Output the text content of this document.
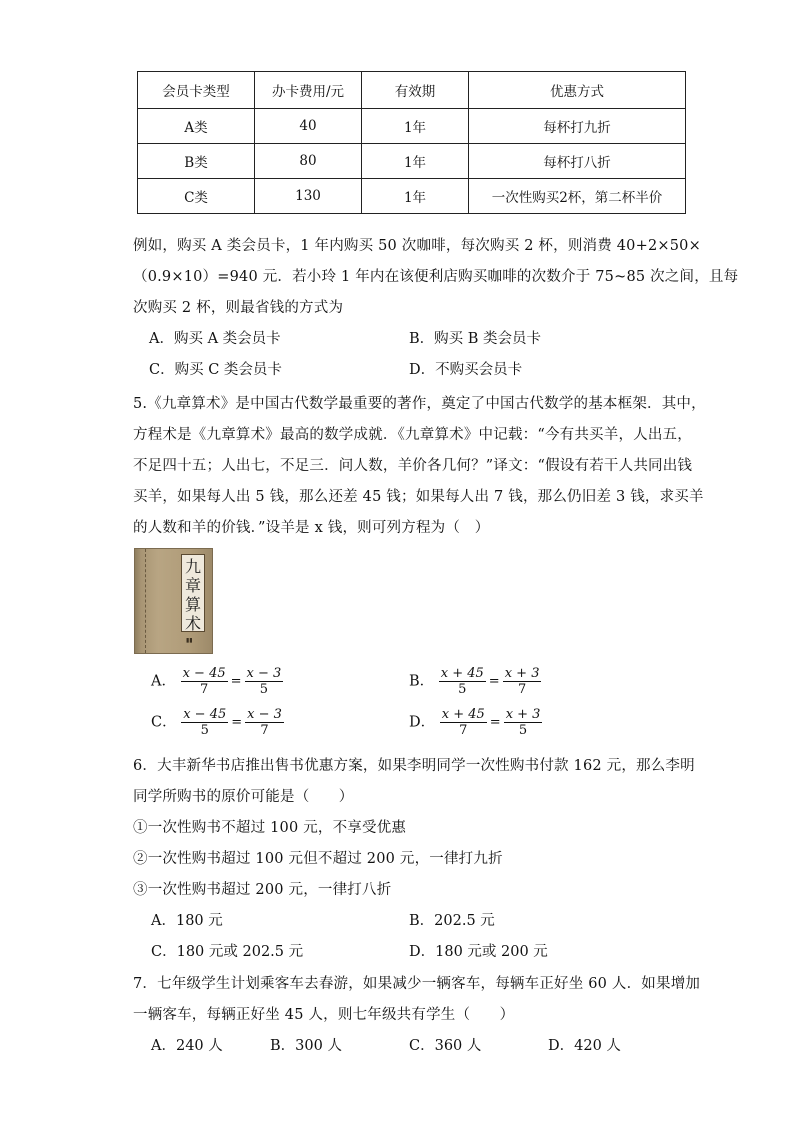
会员卡类型	办卡费用/元	有效期	优惠方式
A类	40	1年	每杯打九折
B类	80	1年	每杯打八折
C类	130	1年	一次性购买2杯，第二杯半价
例如，购买 A 类会员卡，1 年内购买 50 次咖啡，每次购买 2 杯，则消费 40+2×50×
（0.9×10）=940 元．若小玲 1 年内在该便利店购买咖啡的次数介于 75~85 次之间，且每
次购买 2 杯，则最省钱的方式为
A．购买 A 类会员卡	B．购买 B 类会员卡
C．购买 C 类会员卡	D．不购买会员卡
5.《九章算术》是中国古代数学最重要的著作，奠定了中国古代数学的基本框架．其中，
方程术是《九章算术》最高的数学成就．《九章算术》中记载：“今有共买羊，人出五，
不足四十五；人出七，不足三．问人数，羊价各几何？”译文：“假设有若干人共同出钱
买羊，如果每人出 5 钱，那么还差 45 钱；如果每人出 7 钱，那么仍旧差 3 钱，求买羊
的人数和羊的价钱．”设羊是 x 钱，则可列方程为（　）
九
章
算
术
▮▮
A． $\frac{x - 45}{7} = \frac{x - 3}{5}$	B． $\frac{x + 45}{5} = \frac{x + 3}{7}$
C． $\frac{x - 45}{5} = \frac{x - 3}{7}$	D． $\frac{x + 45}{7} = \frac{x + 3}{5}$
6．大丰新华书店推出售书优惠方案，如果李明同学一次性购书付款 162 元，那么李明
同学所购书的原价可能是（　　）
①一次性购书不超过 100 元，不享受优惠
②一次性购书超过 100 元但不超过 200 元，一律打九折
③一次性购书超过 200 元，一律打八折
A．180 元	B．202.5 元
C．180 元或 202.5 元	D．180 元或 200 元
7．七年级学生计划乘客车去春游，如果减少一辆客车，每辆车正好坐 60 人．如果增加
一辆客车，每辆正好坐 45 人，则七年级共有学生（　　）
A．240 人	B．300 人	C．360 人	D．420 人
